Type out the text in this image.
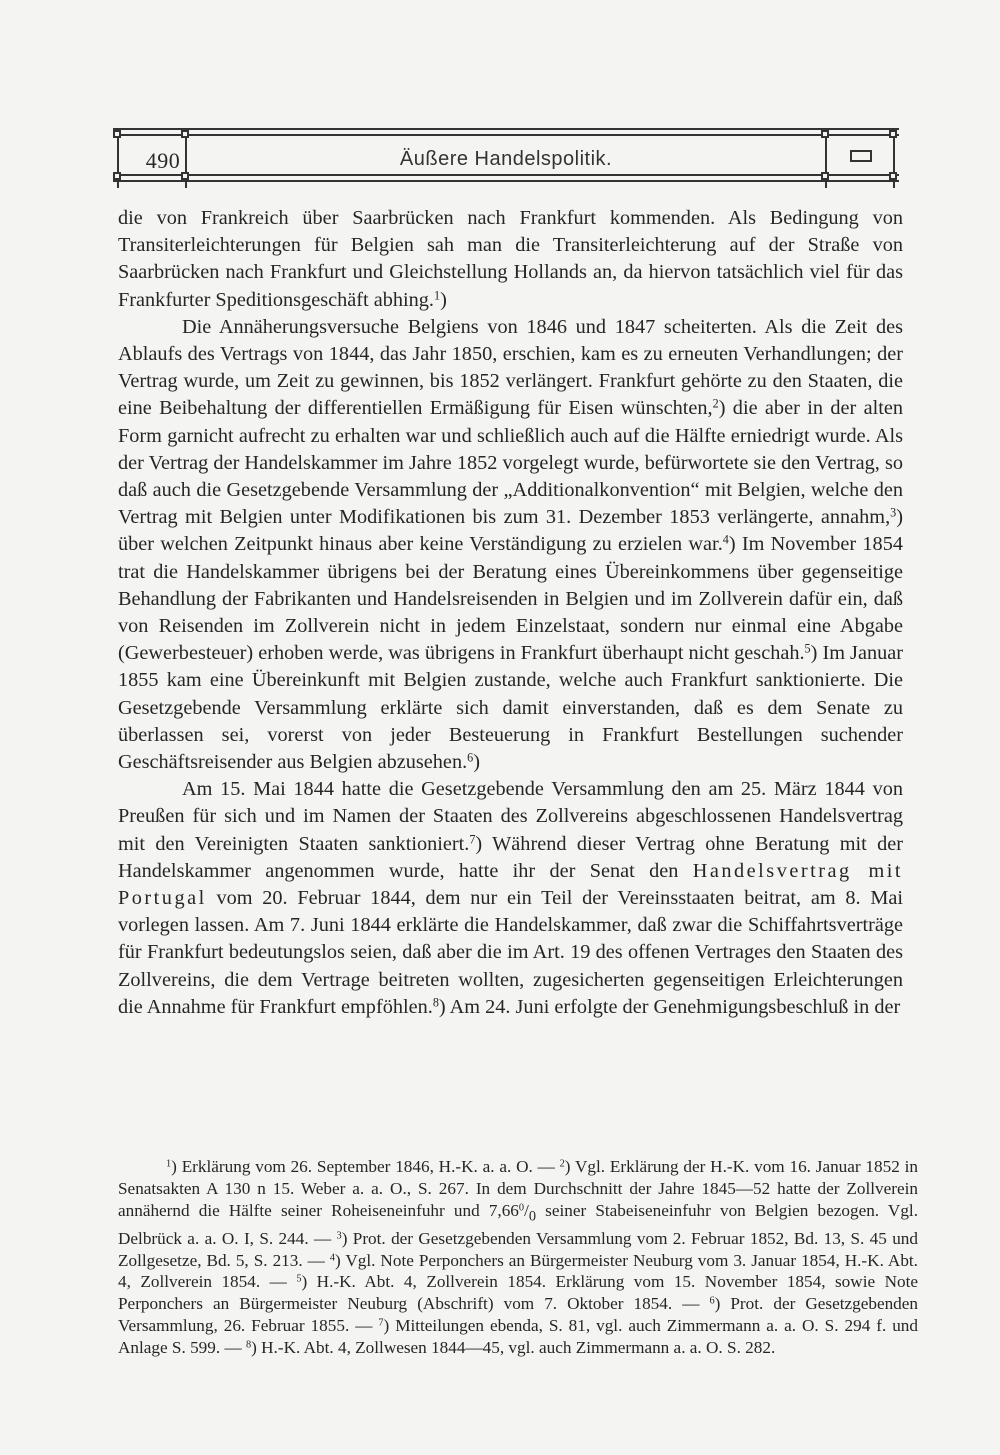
490	Äußere Handelspolitik.

die von Frankreich über Saarbrücken nach Frankfurt kommenden. Als Bedingung von Transiterleichterungen für Belgien sah man die Transiterleichterung auf der Straße von Saarbrücken nach Frankfurt und Gleichstellung Hollands an, da hiervon tatsächlich viel für das Frankfurter Speditionsgeschäft abhing.$^1$)

Die Annäherungsversuche Belgiens von 1846 und 1847 scheiterten. Als die Zeit des Ablaufs des Vertrags von 1844, das Jahr 1850, erschien, kam es zu erneuten Verhandlungen; der Vertrag wurde, um Zeit zu gewinnen, bis 1852 verlängert. Frankfurt gehörte zu den Staaten, die eine Beibehaltung der differentiellen Ermäßigung für Eisen wünschten,$^2$) die aber in der alten Form garnicht aufrecht zu erhalten war und schließlich auch auf die Hälfte erniedrigt wurde. Als der Vertrag der Handelskammer im Jahre 1852 vorgelegt wurde, befürwortete sie den Vertrag, so daß auch die Gesetzgebende Versammlung der „Additionalkonvention“ mit Belgien, welche den Vertrag mit Belgien unter Modifikationen bis zum 31. Dezember 1853 verlängerte, annahm,$^3$) über welchen Zeitpunkt hinaus aber keine Verständigung zu erzielen war.$^4$) Im November 1854 trat die Handelskammer übrigens bei der Beratung eines Übereinkommens über gegenseitige Behandlung der Fabrikanten und Handelsreisenden in Belgien und im Zollverein dafür ein, daß von Reisenden im Zollverein nicht in jedem Einzelstaat, sondern nur einmal eine Abgabe (Gewerbesteuer) erhoben werde, was übrigens in Frankfurt überhaupt nicht geschah.$^5$) Im Januar 1855 kam eine Übereinkunft mit Belgien zustande, welche auch Frankfurt sanktionierte. Die Gesetzgebende Versammlung erklärte sich damit einverstanden, daß es dem Senate zu überlassen sei, vorerst von jeder Besteuerung in Frankfurt Bestellungen suchender Geschäftsreisender aus Belgien abzusehen.$^6$)

Am 15. Mai 1844 hatte die Gesetzgebende Versammlung den am 25. März 1844 von Preußen für sich und im Namen der Staaten des Zollvereins abgeschlossenen Handelsvertrag mit den Vereinigten Staaten sanktioniert.$^7$) Während dieser Vertrag ohne Beratung mit der Handelskammer angenommen wurde, hatte ihr der Senat den Handelsvertrag mit Portugal vom 20. Februar 1844, dem nur ein Teil der Vereinsstaaten beitrat, am 8. Mai vorlegen lassen. Am 7. Juni 1844 erklärte die Handelskammer, daß zwar die Schiffahrtsverträge für Frankfurt bedeutungslos seien, daß aber die im Art. 19 des offenen Vertrages den Staaten des Zollvereins, die dem Vertrage beitreten wollten, zugesicherten gegenseitigen Erleichterungen die Annahme für Frankfurt empföhlen.$^8$) Am 24. Juni erfolgte der Genehmigungsbeschluß in der

$^1$) Erklärung vom 26. September 1846, H.-K. a. a. O. — $^2$) Vgl. Erklärung der H.-K. vom 16. Januar 1852 in Senatsakten A 130 n 15. Weber a. a. O., S. 267. In dem Durchschnitt der Jahre 1845—52 hatte der Zollverein annähernd die Hälfte seiner Roheiseneinfuhr und $7,66^0/_0$ seiner Stabeiseneinfuhr von Belgien bezogen. Vgl. Delbrück a. a. O. I, S. 244. — $^3$) Prot. der Gesetzgebenden Versammlung vom 2. Februar 1852, Bd. 13, S. 45 und Zollgesetze, Bd. 5, S. 213. — $^4$) Vgl. Note Perponchers an Bürgermeister Neuburg vom 3. Januar 1854, H.-K. Abt. 4, Zollverein 1854. — $^5$) H.-K. Abt. 4, Zollverein 1854. Erklärung vom 15. November 1854, sowie Note Perponchers an Bürgermeister Neuburg (Abschrift) vom 7. Oktober 1854. — $^6$) Prot. der Gesetzgebenden Versammlung, 26. Februar 1855. — $^7$) Mitteilungen ebenda, S. 81, vgl. auch Zimmermann a. a. O. S. 294 f. und Anlage S. 599. — $^8$) H.-K. Abt. 4, Zollwesen 1844—45, vgl. auch Zimmermann a. a. O. S. 282.
